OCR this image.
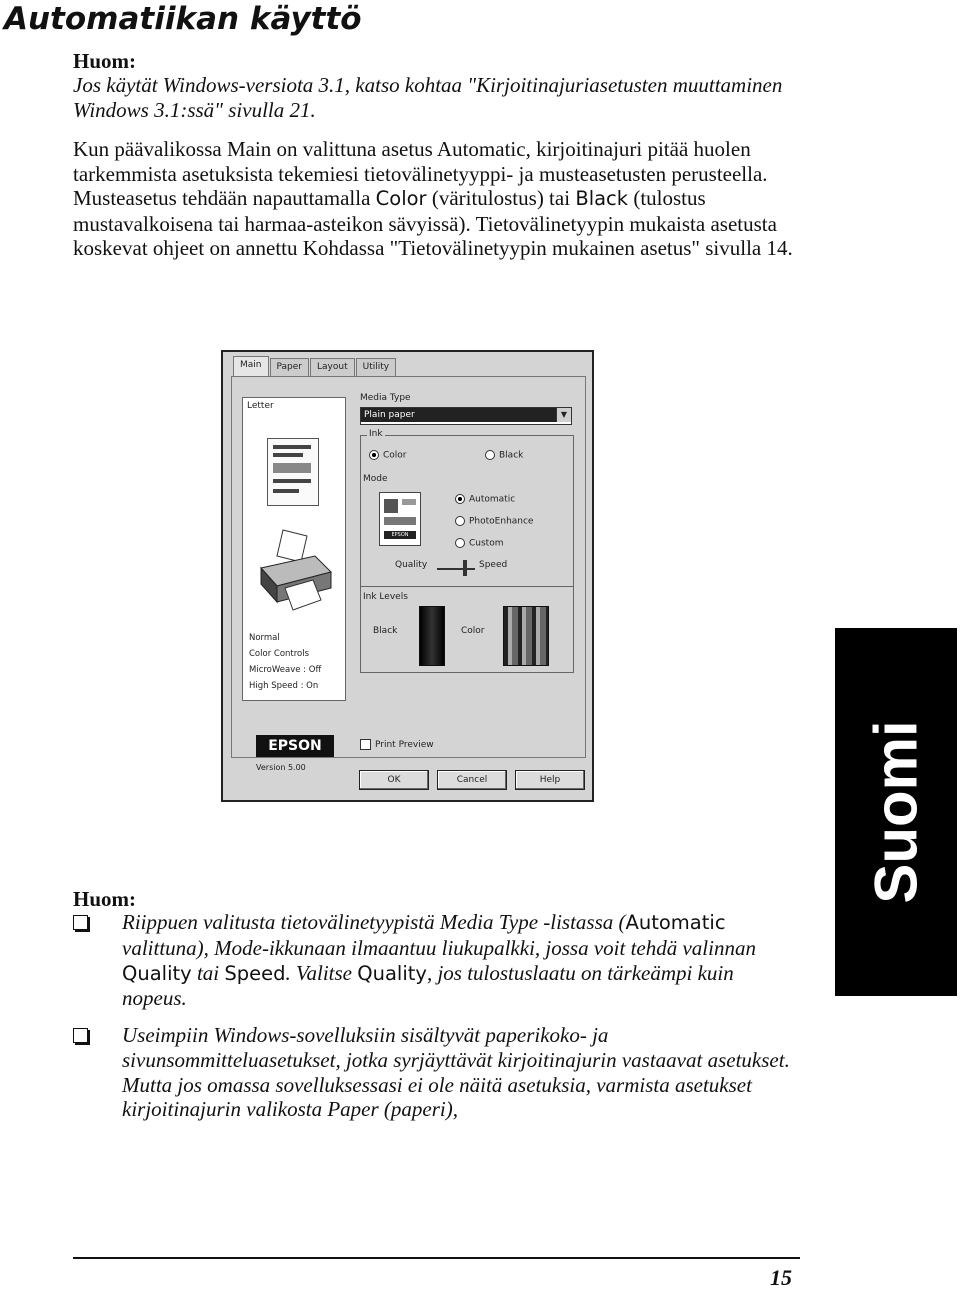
Automatiikan käyttö
Huom:

Jos käytät Windows-versiota 3.1, katso kohtaa "Kirjoitinajuriasetusten muuttaminen Windows 3.1:ssä" sivulla 21.

Kun päävalikossa Main on valittuna asetus Automatic, kirjoitinajuri pitää huolen tarkemmista asetuksista tekemiesi tietovälinetyyppi- ja musteasetusten perusteella. Musteasetus tehdään napauttamalla Color (väritulostus) tai Black (tulostus mustavalkoisena tai harmaa-asteikon sävyissä). Tietovälinetyypin mukaista asetusta koskevat ohjeet on annettu Kohdassa "Tietovälinetyypin mukainen asetus" sivulla 14.

Main	Paper	Layout	Utility
Letter
Normal
Color Controls
MicroWeave : Off
High Speed : On
Media Type
Plain paper	▼
Ink
Color	Black
Mode
EPSON
Automatic
PhotoEnhance
Custom
Quality	Speed
Ink Levels
Black	Color
EPSON	Print Preview
Version 5.00
OK	Cancel	Help	Suomi
Huom:

Riippuen valitusta tietovälinetyypistä Media Type -listassa (Automatic valittuna), Mode-ikkunaan ilmaantuu liukupalkki, jossa voit tehdä valinnan Quality tai Speed. Valitse Quality, jos tulostuslaatu on tärkeämpi kuin nopeus.

Useimpiin Windows-sovelluksiin sisältyvät paperikoko- ja sivunsommitteluasetukset, jotka syrjäyttävät kirjoitinajurin vastaavat asetukset. Mutta jos omassa sovelluksessasi ei ole näitä asetuksia, varmista asetukset kirjoitinajurin valikosta Paper (paperi),

15
